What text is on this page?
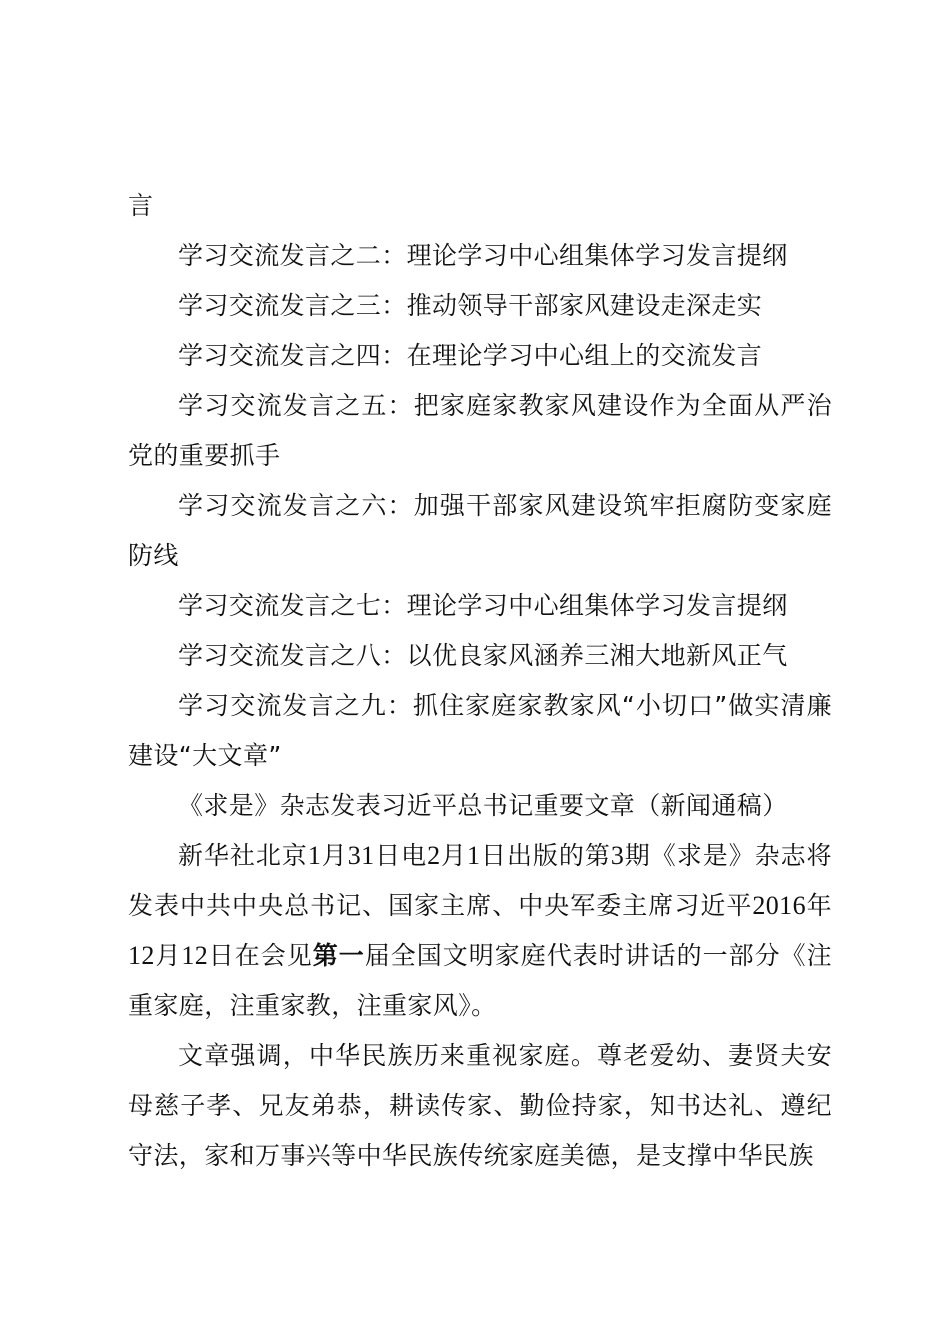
言

学习交流发言之二：理论学习中心组集体学习发言提纲

学习交流发言之三：推动领导干部家风建设走深走实

学习交流发言之四：在理论学习中心组上的交流发言

学习交流发言之五：把家庭家教家风建设作为全面从严治党的重要抓手

学习交流发言之六：加强干部家风建设筑牢拒腐防变家庭防线

学习交流发言之七：理论学习中心组集体学习发言提纲

学习交流发言之八：以优良家风涵养三湘大地新风正气

学习交流发言之九：抓住家庭家教家风“小切口”做实清廉建设“大文章”

《求是》杂志发表习近平总书记重要文章（新闻通稿）

新华社北京1月31日电2月1日出版的第3期《求是》杂志将发表中共中央总书记、国家主席、中央军委主席习近平2016年12月12日在会见第一届全国文明家庭代表时讲话的一部分《注重家庭，注重家教，注重家风》。

文章强调，中华民族历来重视家庭。尊老爱幼、妻贤夫安母慈子孝、兄友弟恭，耕读传家、勤俭持家，知书达礼、遵纪守法，家和万事兴等中华民族传统家庭美德，是支撑中华民族
